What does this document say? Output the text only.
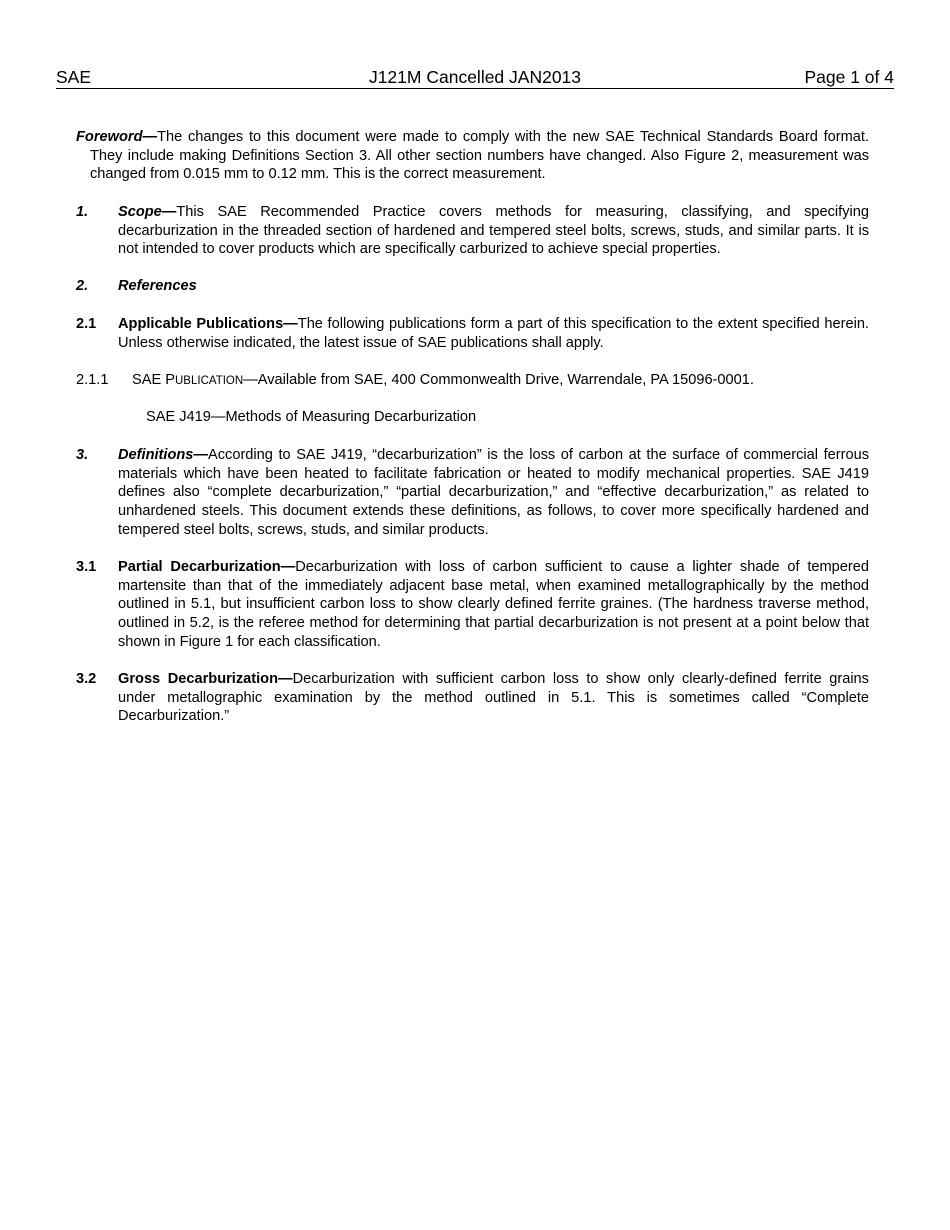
SAE	J121M Cancelled JAN2013	Page 1 of 4
Foreword—The changes to this document were made to comply with the new SAE Technical Standards Board format. They include making Definitions Section 3. All other section numbers have changed. Also Figure 2, measurement was changed from 0.015 mm to 0.12 mm. This is the correct measurement.
1.	Scope—This SAE Recommended Practice covers methods for measuring, classifying, and specifying decarburization in the threaded section of hardened and tempered steel bolts, screws, studs, and similar parts. It is not intended to cover products which are specifically carburized to achieve special properties.
2.	References
2.1	Applicable Publications—The following publications form a part of this specification to the extent specified herein. Unless otherwise indicated, the latest issue of SAE publications shall apply.
2.1.1	SAE PUBLICATION—Available from SAE, 400 Commonwealth Drive, Warrendale, PA 15096-0001.
SAE J419—Methods of Measuring Decarburization
3.	Definitions—According to SAE J419, “decarburization” is the loss of carbon at the surface of commercial ferrous materials which have been heated to facilitate fabrication or heated to modify mechanical properties. SAE J419 defines also “complete decarburization,” “partial decarburization,” and “effective decarburization,” as related to unhardened steels. This document extends these definitions, as follows, to cover more specifically hardened and tempered steel bolts, screws, studs, and similar products.
3.1	Partial Decarburization—Decarburization with loss of carbon sufficient to cause a lighter shade of tempered martensite than that of the immediately adjacent base metal, when examined metallographically by the method outlined in 5.1, but insufficient carbon loss to show clearly defined ferrite graines. (The hardness traverse method, outlined in 5.2, is the referee method for determining that partial decarburization is not present at a point below that shown in Figure 1 for each classification.
3.2	Gross Decarburization—Decarburization with sufficient carbon loss to show only clearly-defined ferrite grains under metallographic examination by the method outlined in 5.1. This is sometimes called “Complete Decarburization.”
